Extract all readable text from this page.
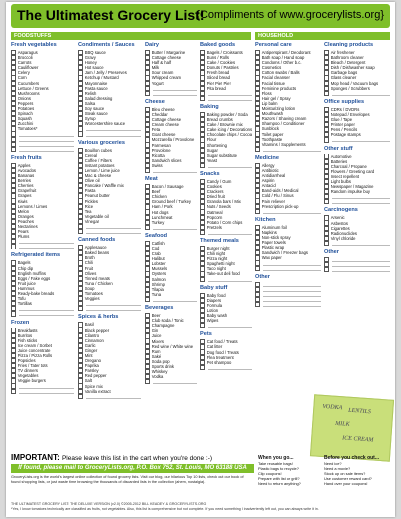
The Ultimatest Grocery List!
{Compliments of www.grocerylists.org}
FOODSTUFFS	HOUSEHOLD
Fresh vegetables
Asparagus
Broccoli
Carrots
Cauliflower
Celery
Corn
Cucumbers
Lettuce / Greens
Mushrooms
Onions
Peppers
Potatoes
Spinach
Squash
Zucchini
Tomatoes*
Fresh fruits
Apples
Avocados
Bananas
Berries
Cherries
Grapefruit
Grapes
Kiwis
Lemons / Limes
Melon
Oranges
Peaches
Nectarines
Pears
Plums
Refrigerated items
Bagels
Chip dip
English muffins
Eggs / Fake eggs
Fruit juice
Hummus
Ready-bake breads
Tofu
Tortillas
Frozen
Breakfasts
Burritos
Fish sticks
Ice cream / Sorbet
Juice concentrate
Pizza / Pizza Rolls
Popsicles
Fries / Tater tots
TV dinners
Vegetables
Veggie burgers
Condiments / Sauces
BBQ sauce
Gravy
Honey
Hot sauce
Jam / Jelly / Preserves
Ketchup / Mustard
Mayonnaise
Pasta sauce
Relish
Salad dressing
Salsa
Soy sauce
Steak sauce
Syrup
Worcestershire sauce
Various groceries
Bouillon cubes
Cereal
Coffee / Filters
Instant potatoes
Lemon / Lime juice
Mac & cheese
Olive oil
Pancake / Waffle mix
Pasta
Peanut butter
Pickles
Rice
Tea
Vegetable oil
Vinegar
Canned foods
Applesauce
Baked beans
Broth
Chili
Fruit
Olives
Tinned meats
Tuna / Chicken
Soup
Tomatoes
Veggies
Spices & herbs
Basil
Black pepper
Cilantro
Cinnamon
Garlic
Ginger
Mint
Oregano
Paprika
Parsley
Red pepper
Salt
Spice mix
Vanilla extract
Dairy
Butter / Margarine
Cottage cheese
Half & half
Milk
Sour cream
Whipped cream
Yogurt
Cheese
Bleu cheese
Cheddar
Cottage cheese
Cream cheese
Feta
Goat cheese
Mozzarella / Provolone
Parmesan
Provolone
Ricotta
Sandwich slices
Swiss
Meat
Bacon / Sausage
Beef
Chicken
Ground beef / Turkey
Ham / Pork
Hot dogs
Lunchmeat
Turkey
Seafood
Catfish
Cod
Crab
Halibut
Lobster
Mussels
Oysters
Salmon
Shrimp
Tilapia
Tuna
Beverages
Beer
Club soda / Tonic
Champagne
Gin
Juice
Mixers
Red wine / White wine
Rum
Saké
Soda pop
Sports drink
Whiskey
Vodka
Baked goods
Bagels / Croissants
Buns / Rolls
Cake / Cookies
Donuts / Pastries
Fresh bread
Sliced bread
Pie! Pie! Pie!
Pita bread
Baking
Baking powder / Soda
Bread crumbs
Cake / Brownie mix
Cake icing / Decorations
Chocolate chips / Cocoa
Flour
Shortening
Sugar
Sugar substitute
Yeast
Snacks
Candy / Gum
Cookies
Crackers
Dried fruit
Granola bars / Mix
Nuts / Seeds
Oatmeal
Popcorn
Potato / Corn chips
Pretzels
Themed meals
Burger night
Chili night
Pizza night
Spaghetti night
Taco night
Take-out deli food
Baby stuff
Baby food
Diapers
Formula
Lotion
Baby wash
Wipes
Pets
Cat food / Treats
Cat litter
Dog food / Treats
Flea treatment
Pet shampoo
Personal care
Antiperspirant / Deodorant
Bath soap / Hand soap
Condoms / Other b.c.
Cosmetics
Cotton swabs / Balls
Facial cleanser
Facial tissue
Feminine products
Floss
Hair gel / Spray
Lip balm
Moisturizing lotion
Mouthwash
Razors / Shaving cream
Shampoo / Conditioner
Sunblock
Toilet paper
Toothpaste
Vitamins / Supplements
Medicine
Allergy
Antibiotic
Antidiarrheal
Aspirin
Antacid
Band-aids / Medical
Cold / Flu / Sinus
Pain reliever
Prescription pick-up
Kitchen
Aluminum foil
Napkins
Non-stick spray
Paper towels
Plastic wrap
Sandwich / Freezer bags
Wax paper
Other
Cleaning products
Air freshener
Bathroom cleaner
Bleach / Detergent
Dish / Dishwasher soap
Garbage bags
Glass cleaner
Mop head / Vacuum bags
Sponges / Scrubbers
Office supplies
CDRs / DVDRs
Notepad / Envelopes
Glue / Tape
Printer paper
Pens / Pencils
Postage stamps
Other stuff
Automotive
Batteries
Charcoal / Propane
Flowers / Greeting card
Insect repellent
Light bulbs
Newspaper / Magazine
Random impulse buy
Carcinogens
Arsenic
Asbestos
Cigarettes
Radionuclides
Vinyl chloride
Other
VODKA
LENTILS
MILK
ICE CREAM
IMPORTANT: Please leave this list in the cart when you're done :-)
If found, please mail to GroceryLists.org, P.O. Box 752, St. Louis, MO 63188 USA
GroceryLists.org is the world's largest online collection of found grocery lists. Visit our blog, our hilarious Top 10 lists, check out our book of found shopping lists, or just waste time browsing the thousands of discarded lists in the collection (ahem, nostalgia).
When you go...
Take reusable bags!
Plastic bags to recycle?
Clip coupons!
Prepare with list or grill?
Need to return anything?
Before you check out...
Need ice?
Need a movie?
Stock up on sale items?
Use customer reward card?
Hand over your coupons!
THE ULTIMATEST GROCERY LIST: THE DELUXE VERSION (v2.0) ©2005-2012 BILL KEADEY & GROCERYLISTS.ORG
*Yes, I know tomatoes technically are classified as fruits, not vegetables. Also, this list is comprehensive but not complete. If you need something I inadvertently left out, you can always write it in.
